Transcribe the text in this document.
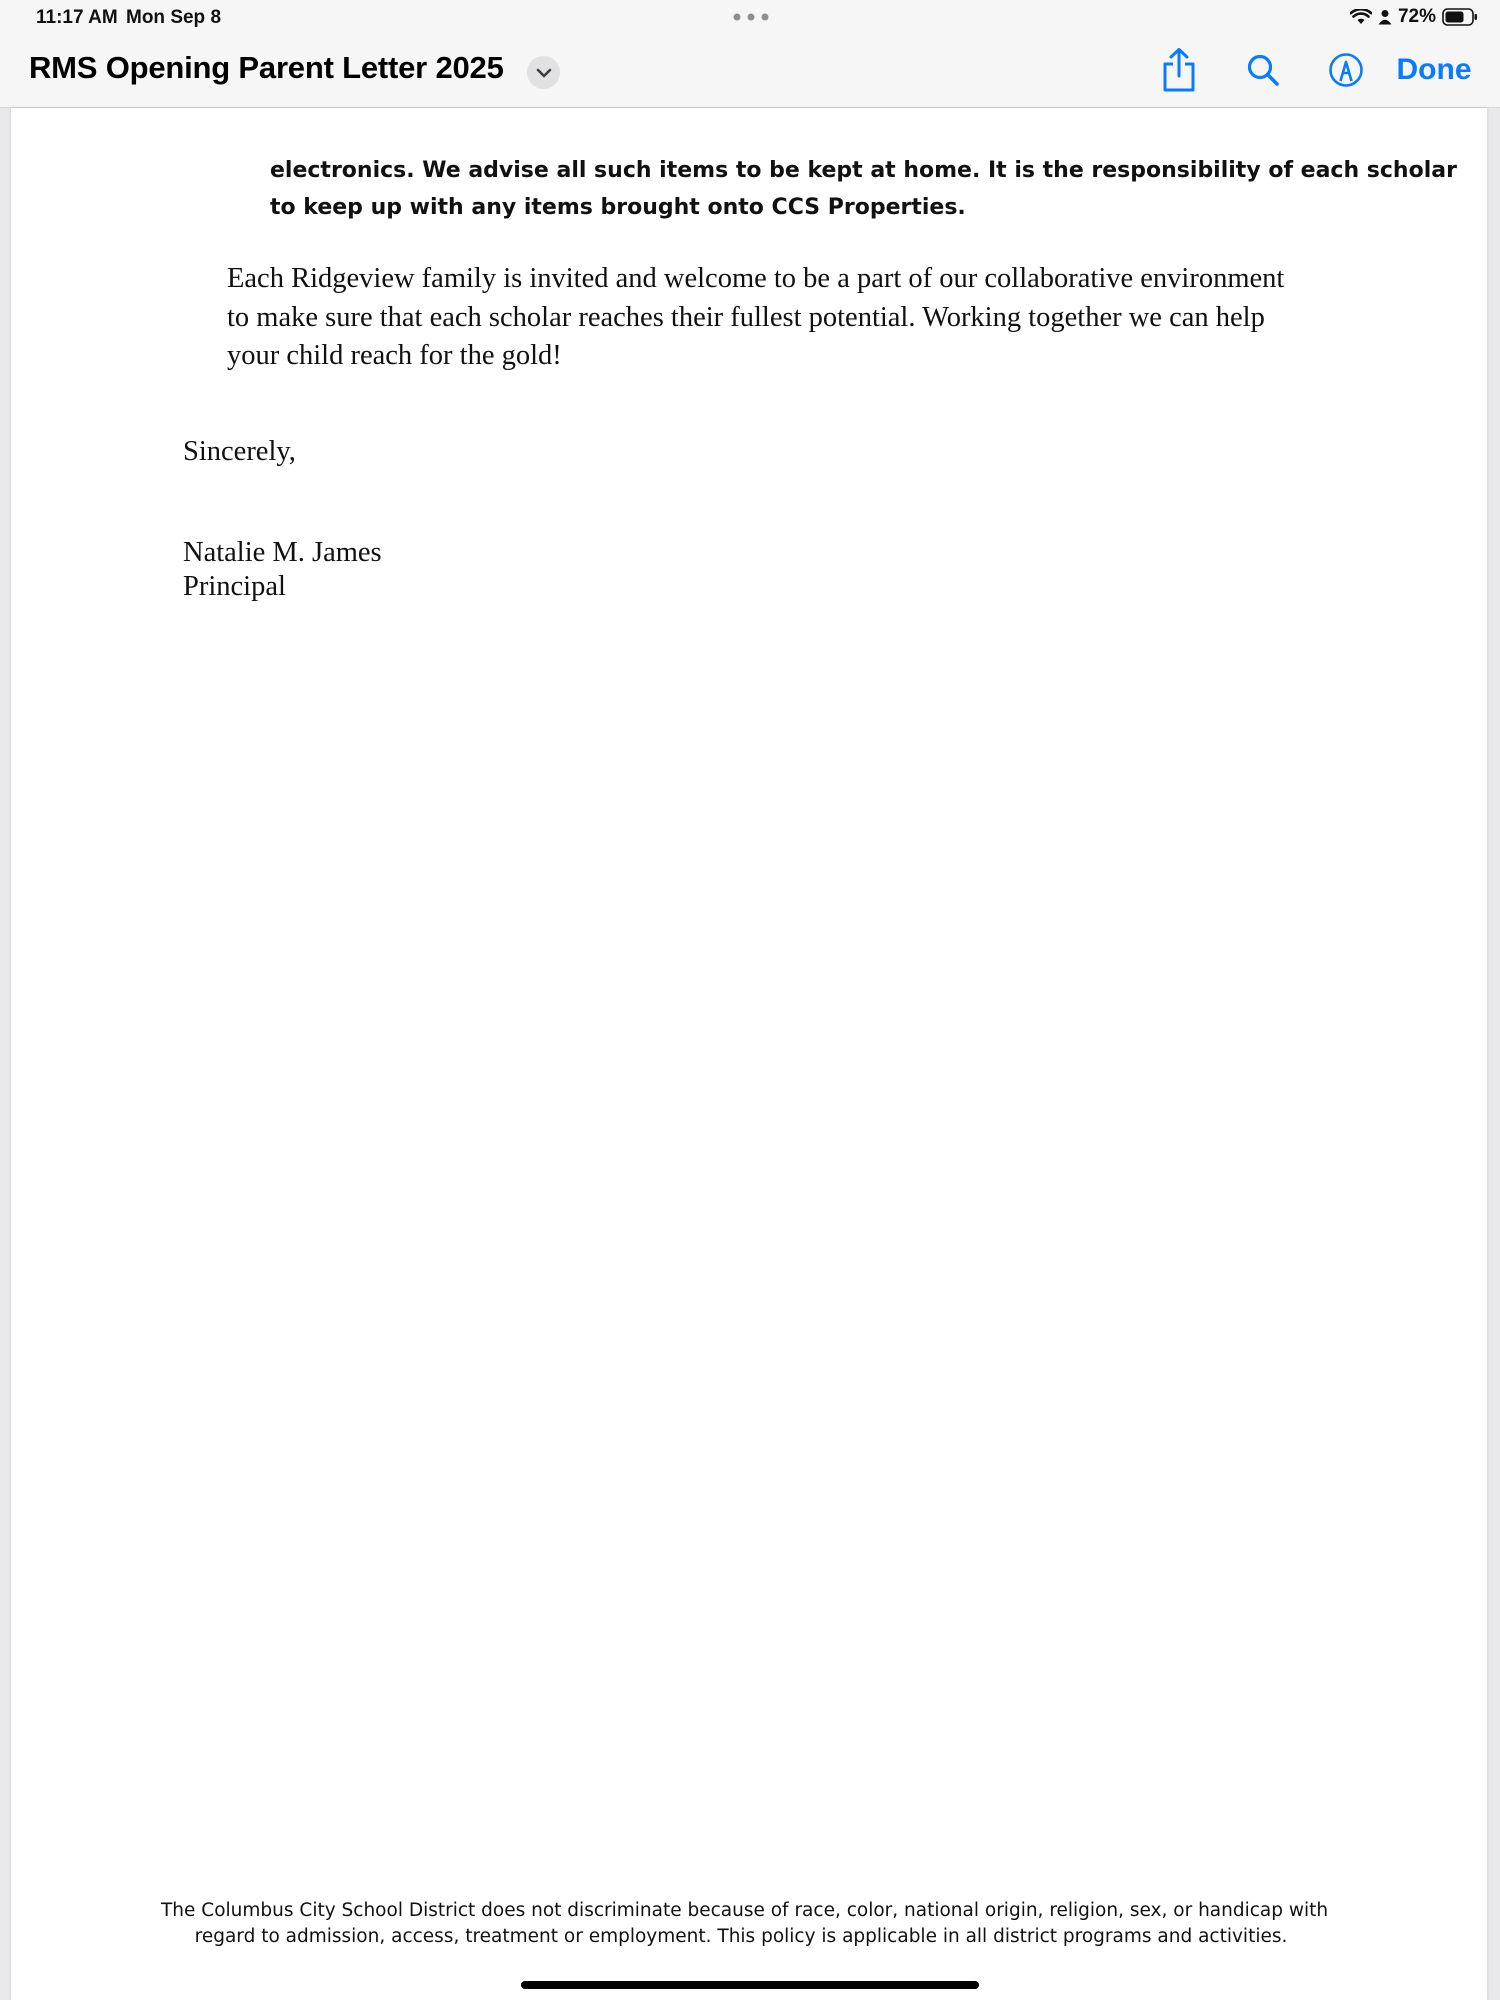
11:17 AM Mon Sep 8	72%
RMS Opening Parent Letter 2025	Done
electronics. We advise all such items to be kept at home. It is the responsibility of each scholar
to keep up with any items brought onto CCS Properties.
Each Ridgeview family is invited and welcome to be a part of our collaborative environment
to make sure that each scholar reaches their fullest potential. Working together we can help
your child reach for the gold!
Sincerely,
Natalie M. James
Principal
The Columbus City School District does not discriminate because of race, color, national origin, religion, sex, or handicap with
regard to admission, access, treatment or employment. This policy is applicable in all district programs and activities.
